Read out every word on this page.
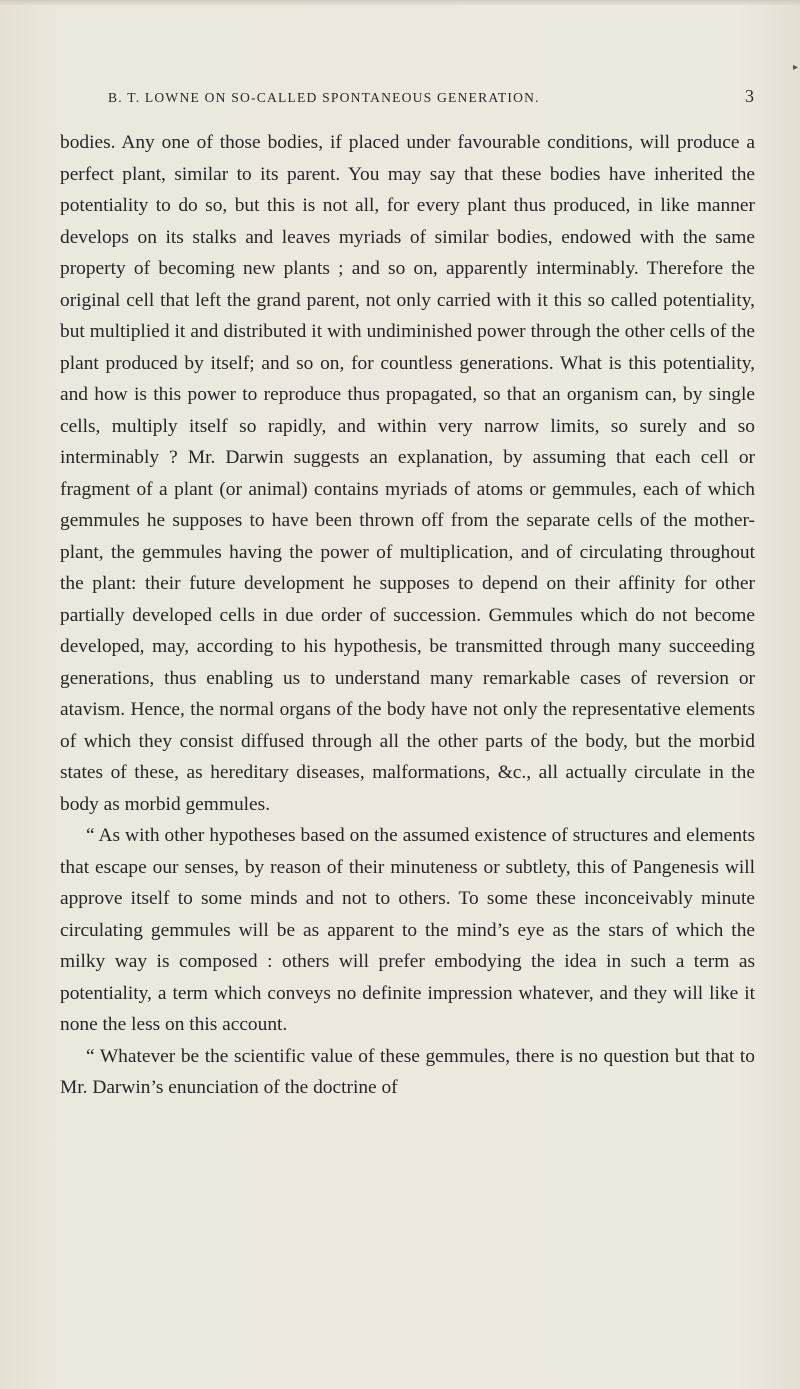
▸
B. T. LOWNE ON SO-CALLED SPONTANEOUS GENERATION.	3

bodies. Any one of those bodies, if placed under favourable conditions, will produce a perfect plant, similar to its parent. You may say that these bodies have inherited the potentiality to do so, but this is not all, for every plant thus produced, in like manner develops on its stalks and leaves myriads of similar bodies, endowed with the same property of becoming new plants ; and so on, apparently interminably. Therefore the original cell that left the grand parent, not only carried with it this so called potentiality, but multiplied it and distributed it with undiminished power through the other cells of the plant produced by itself; and so on, for countless generations. What is this potentiality, and how is this power to reproduce thus propagated, so that an organism can, by single cells, multiply itself so rapidly, and within very narrow limits, so surely and so interminably ? Mr. Darwin suggests an explanation, by assuming that each cell or fragment of a plant (or animal) contains myriads of atoms or gemmules, each of which gemmules he supposes to have been thrown off from the separate cells of the mother-plant, the gemmules having the power of multiplication, and of circulating throughout the plant: their future development he supposes to depend on their affinity for other partially developed cells in due order of succession. Gemmules which do not become developed, may, according to his hypothesis, be transmitted through many succeeding generations, thus enabling us to understand many remarkable cases of reversion or atavism. Hence, the normal organs of the body have not only the representative elements of which they consist diffused through all the other parts of the body, but the morbid states of these, as hereditary diseases, malformations, &c., all actually circulate in the body as morbid gemmules.

“ As with other hypotheses based on the assumed existence of structures and elements that escape our senses, by reason of their minuteness or subtlety, this of Pangenesis will approve itself to some minds and not to others. To some these inconceivably minute circulating gemmules will be as apparent to the mind’s eye as the stars of which the milky way is composed : others will prefer embodying the idea in such a term as potentiality, a term which conveys no definite impression whatever, and they will like it none the less on this account.

“ Whatever be the scientific value of these gemmules, there is no question but that to Mr. Darwin’s enunciation of the doctrine of
